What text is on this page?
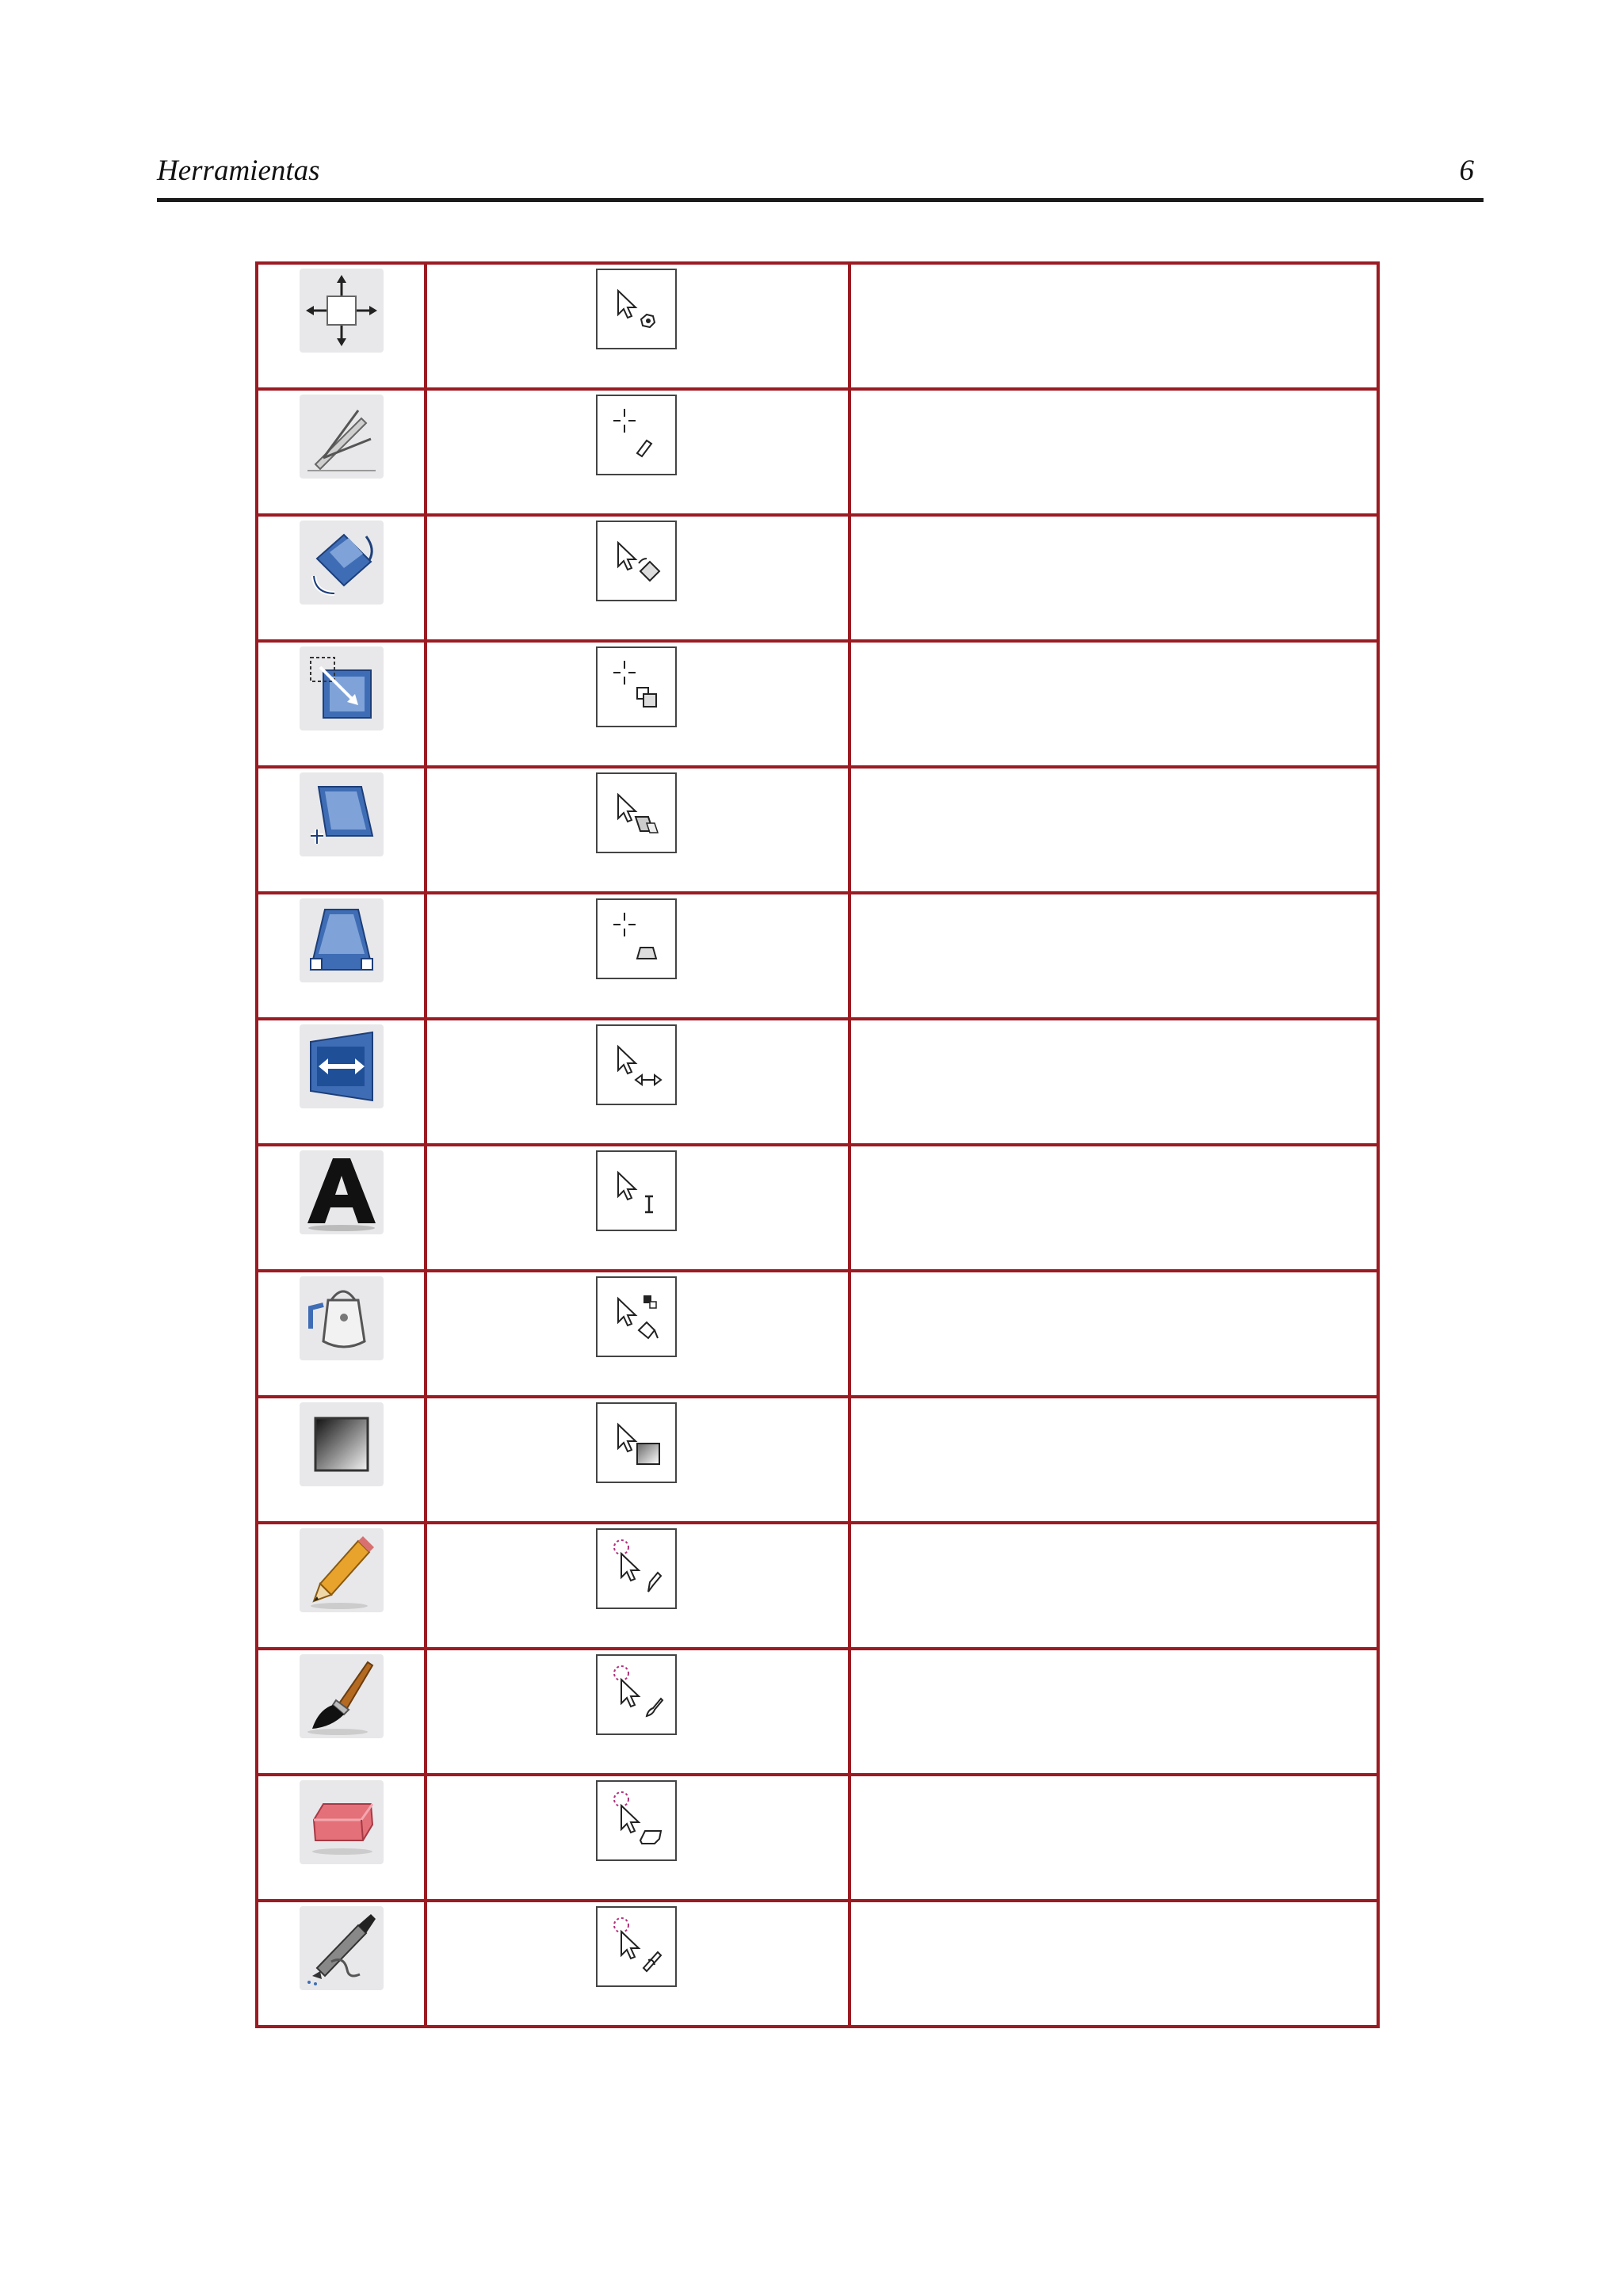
Herramientas	6
